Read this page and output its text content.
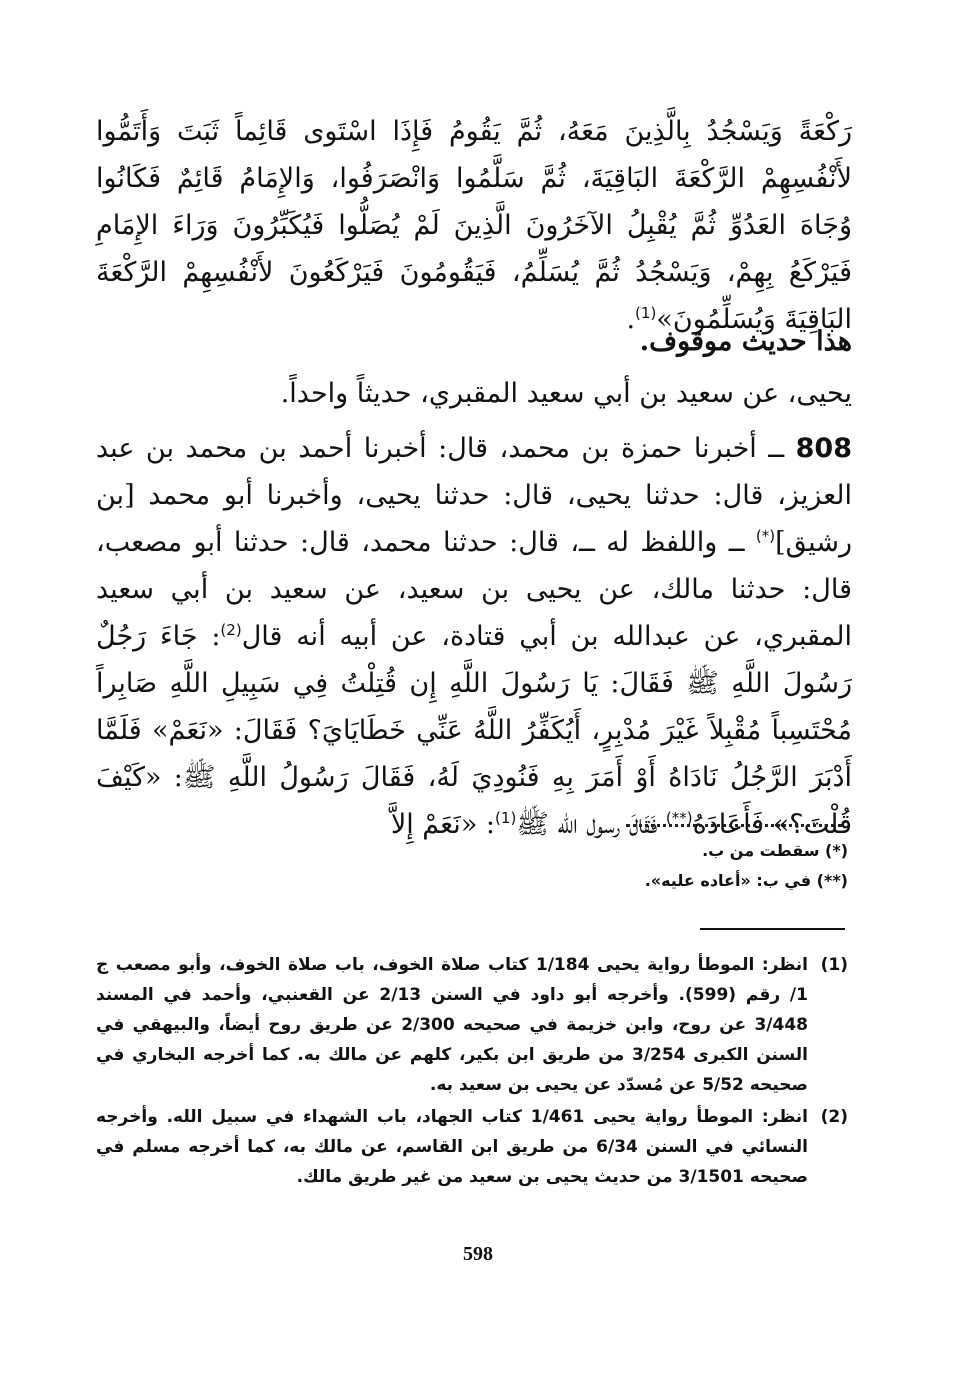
رَكْعَةً وَيَسْجُدُ بِالَّذِينَ مَعَهُ، ثُمَّ يَقُومُ فَإِذَا اسْتَوى قَائِماً ثَبَتَ وَأَتَمُّوا لأَنْفُسِهِمْ الرَّكْعَةَ البَاقِيَةَ، ثُمَّ سَلَّمُوا وَانْصَرَفُوا، وَالإِمَامُ قَائِمٌ فَكَانُوا وُجَاهَ العَدُوِّ ثُمَّ يُقْبِلُ الآخَرُونَ الَّذِينَ لَمْ يُصَلُّوا فَيُكَبِّرُونَ وَرَاءَ الإِمَامِ فَيَرْكَعُ بِهِمْ، وَيَسْجُدُ ثُمَّ يُسَلِّمُ، فَيَقُومُونَ فَيَرْكَعُونَ لأَنْفُسِهِمْ الرَّكْعَةَ البَاقِيَةَ وَيُسَلِّمُونَ»$^{(1)}$.

هذا حديث موقوف.

يحيى، عن سعيد بن أبي سعيد المقبري، حديثاً واحداً.

808 ــ أخبرنا حمزة بن محمد، قال: أخبرنا أحمد بن محمد بن عبد العزيز، قال: حدثنا يحيى، قال: حدثنا يحيى، وأخبرنا أبو محمد [بن رشيق](*) ــ واللفظ له ــ، قال: حدثنا محمد، قال: حدثنا أبو مصعب، قال: حدثنا مالك، عن يحيى بن سعيد، عن سعيد بن أبي سعيد المقبري، عن عبدالله بن أبي قتادة، عن أبيه أنه قال$^{(2)}$: جَاءَ رَجُلٌ رَسُولَ اللَّهِ ﷺ فَقَالَ: يَا رَسُولَ اللَّهِ إِن قُتِلْتُ فِي سَبِيلِ اللَّهِ صَابِراً مُحْتَسِباً مُقْبِلاً غَيْرَ مُدْبِرٍ، أَيُكَفِّرُ اللَّهُ عَنِّي خَطَايَايَ؟ فَقَالَ: «نَعَمْ» فَلَمَّا أَدْبَرَ الرَّجُلُ نَادَاهُ أَوْ أَمَرَ بِهِ فَنُودِيَ لَهُ، فَقَالَ رَسُولُ اللَّهِ ﷺ: «كَيْفَ قُلْتَ؟» فَأَعَادَهُ(**) فَقَالَ رسول الله ﷺ$^{(1)}$: «نَعَمْ إِلاَّ

(*) سقطت من ب.
(**) في ب: «أعاده عليه».
(1)
انظر: الموطأ رواية يحيى 1/184 كتاب صلاة الخوف، باب صلاة الخوف، وأبو مصعب ج 1/ رقم (599). وأخرجه أبو داود في السنن 2/13 عن القعنبي، وأحمد في المسند 3/448 عن روح، وابن خزيمة في صحيحه 2/300 عن طريق روح أيضاً، والبيهقي في السنن الكبرى 3/254 من طريق ابن بكير، كلهم عن مالك به. كما أخرجه البخاري في صحيحه 5/52 عن مُسدّد عن يحيى بن سعيد به.
(2)
انظر: الموطأ رواية يحيى 1/461 كتاب الجهاد، باب الشهداء في سبيل الله. وأخرجه النسائي في السنن 6/34 من طريق ابن القاسم، عن مالك به، كما أخرجه مسلم في صحيحه 3/1501 من حديث يحيى بن سعيد من غير طريق مالك.
598
